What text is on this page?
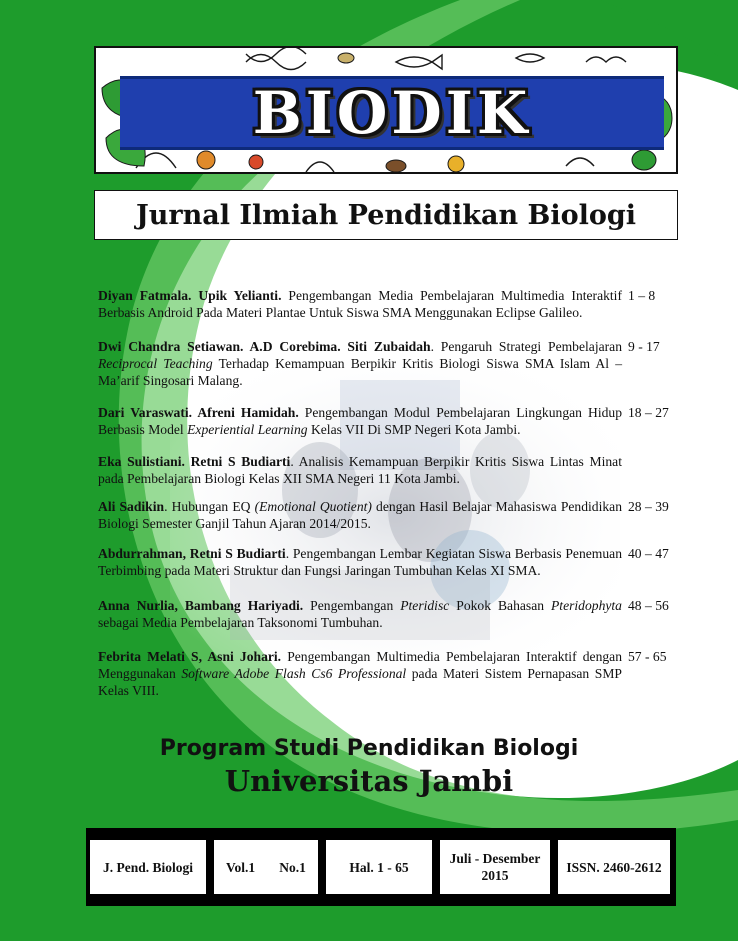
BIODIK
Jurnal Ilmiah Pendidikan Biologi
Diyan Fatmala. Upik Yelianti. Pengembangan Media Pembelajaran Multimedia Interaktif Berbasis Android Pada Materi Plantae Untuk Siswa SMA Menggunakan Eclipse Galileo.
1 – 8
Dwi Chandra Setiawan. A.D Corebima. Siti Zubaidah. Pengaruh Strategi Pembelajaran Reciprocal Teaching Terhadap Kemampuan Berpikir Kritis Biologi Siswa SMA Islam Al – Ma’arif Singosari Malang.
9 - 17
Dari Varaswati. Afreni Hamidah. Pengembangan Modul Pembelajaran Lingkungan Hidup Berbasis Model Experiential Learning Kelas VII Di SMP Negeri Kota Jambi.
18 – 27
Eka Sulistiani. Retni S Budiarti. Analisis Kemampuan Berpikir Kritis Siswa Lintas Minat pada Pembelajaran Biologi Kelas XII SMA Negeri 11 Kota Jambi.
Ali Sadikin. Hubungan EQ (Emotional Quotient) dengan Hasil Belajar Mahasiswa Pendidikan Biologi Semester Ganjil Tahun Ajaran 2014/2015.
28 – 39
Abdurrahman, Retni S Budiarti. Pengembangan Lembar Kegiatan Siswa Berbasis Penemuan Terbimbing pada Materi Struktur dan Fungsi Jaringan Tumbuhan Kelas XI SMA.
40 – 47
Anna Nurlia, Bambang Hariyadi. Pengembangan Pteridisc Pokok Bahasan Pteridophyta sebagai Media Pembelajaran Taksonomi Tumbuhan.
48 – 56
Febrita Melati S, Asni Johari. Pengembangan Multimedia Pembelajaran Interaktif dengan Menggunakan Software Adobe Flash Cs6 Professional pada Materi Sistem Pernapasan SMP Kelas VIII.
57 - 65
Program Studi Pendidikan Biologi
Universitas Jambi
J. Pend. Biologi Vol.1 No.1	Hal. 1 - 65
Juli - Desember
2015
ISSN. 2460-2612
